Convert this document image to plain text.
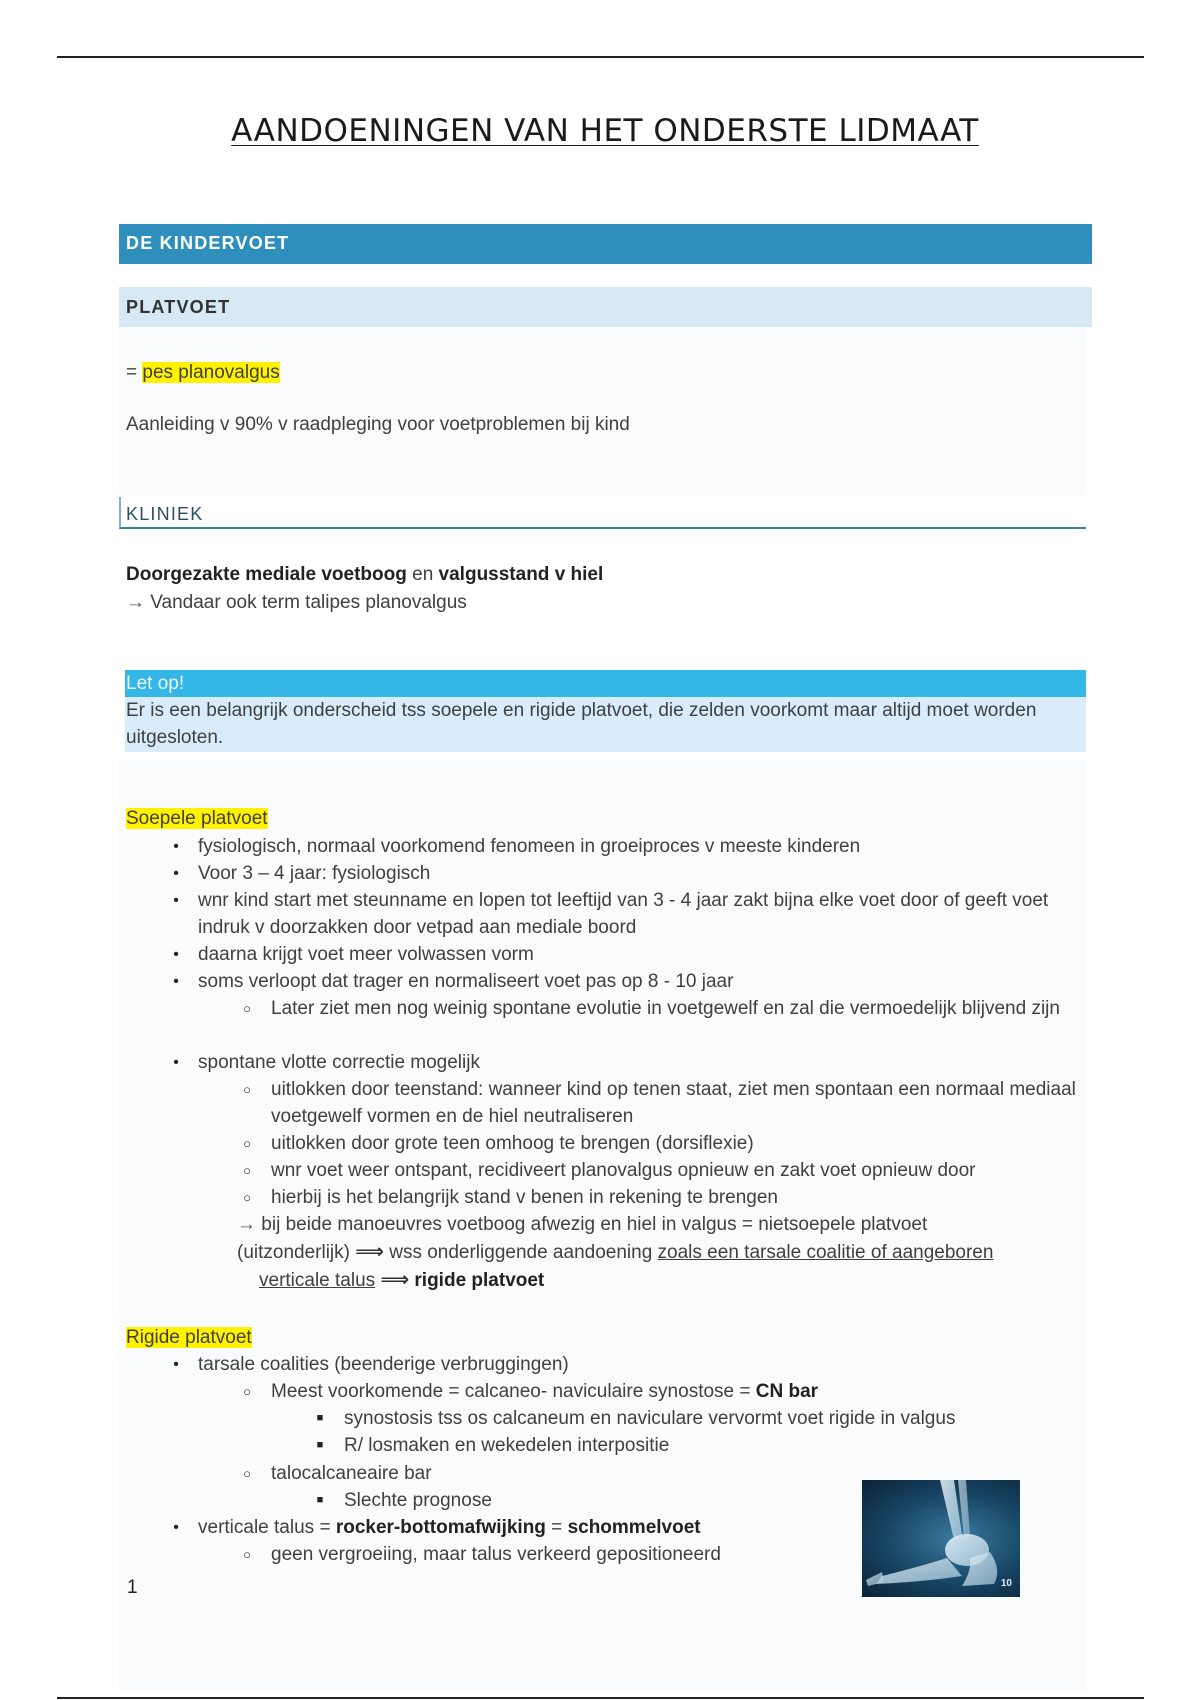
AANDOENINGEN VAN HET ONDERSTE LIDMAAT
DE KINDERVOET
PLATVOET
= pes planovalgus
Aanleiding v 90% v raadpleging voor voetproblemen bij kind
KLINIEK
Doorgezakte mediale voetboog en valgusstand v hiel
→ Vandaar ook term talipes planovalgus
Let op!
Er is een belangrijk onderscheid tss soepele en rigide platvoet, die zelden voorkomt maar altijd moet worden uitgesloten.
Soepele platvoet
•	fysiologisch, normaal voorkomend fenomeen in groeiproces v meeste kinderen
•	Voor 3 – 4 jaar: fysiologisch
•	wnr kind start met steunname en lopen tot leeftijd van 3 - 4 jaar zakt bijna elke voet door of geeft voet indruk v doorzakken door vetpad aan mediale boord
•	daarna krijgt voet meer volwassen vorm
•	soms verloopt dat trager en normaliseert voet pas op 8 - 10 jaar
○	Later ziet men nog weinig spontane evolutie in voetgewelf en zal die vermoedelijk blijvend zijn
•	spontane vlotte correctie mogelijk
○	uitlokken door teenstand: wanneer kind op tenen staat, ziet men spontaan een normaal mediaal voetgewelf vormen en de hiel neutraliseren
○	uitlokken door grote teen omhoog te brengen (dorsiflexie)
○	wnr voet weer ontspant, recidiveert planovalgus opnieuw en zakt voet opnieuw door
○	hierbij is het belangrijk stand v benen in rekening te brengen
→ bij beide manoeuvres voetboog afwezig en hiel in valgus = nietsoepele platvoet
(uitzonderlijk) ⟹ wss onderliggende aandoening zoals een tarsale coalitie of aangeboren
verticale talus ⟹ rigide platvoet
Rigide platvoet
•	tarsale coalities (beenderige verbruggingen)
○	Meest voorkomende = calcaneo- naviculaire synostose = CN bar
■	synostosis tss os calcaneum en naviculare vervormt voet rigide in valgus
■	R/ losmaken en wekedelen interpositie
○	talocalcaneaire bar
■	Slechte prognose
•	verticale talus = rocker-bottomafwijking = schommelvoet
○	geen vergroeiing, maar talus verkeerd gepositioneerd
10
1
